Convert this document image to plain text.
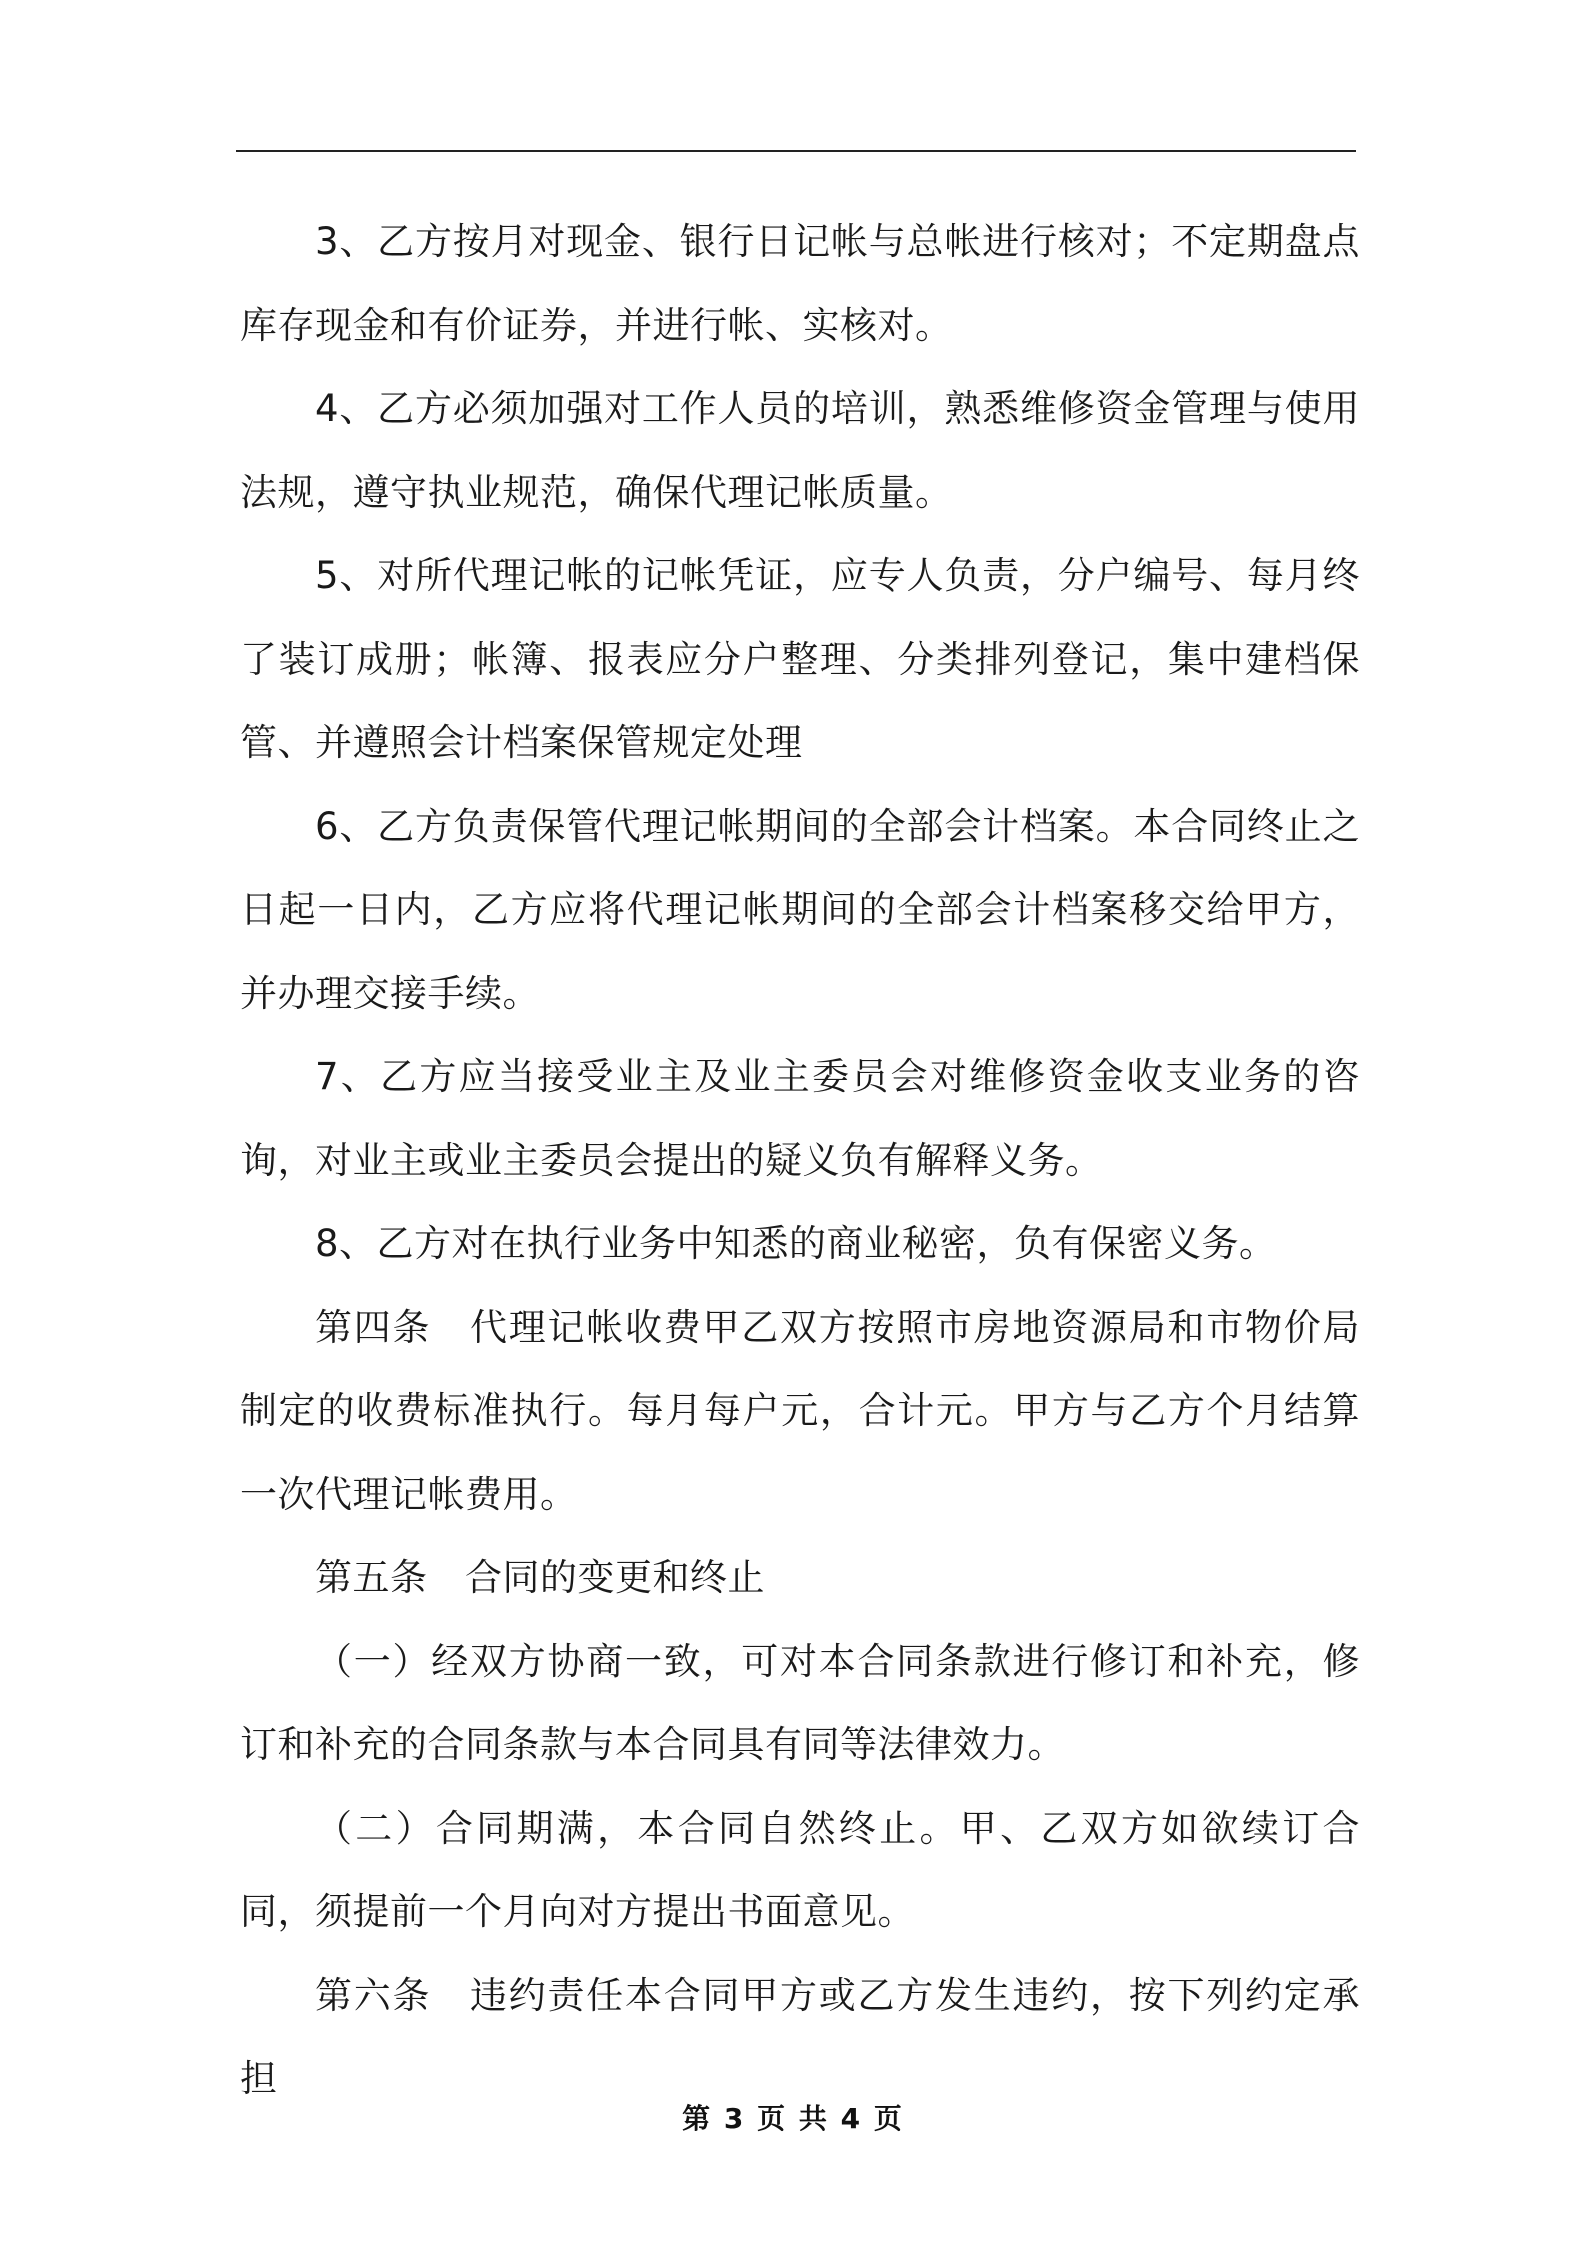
3、乙方按月对现金、银行日记帐与总帐进行核对；不定期盘点库存现金和有价证券，并进行帐、实核对。

4、乙方必须加强对工作人员的培训，熟悉维修资金管理与使用法规，遵守执业规范，确保代理记帐质量。

5、对所代理记帐的记帐凭证，应专人负责，分户编号、每月终了装订成册；帐簿、报表应分户整理、分类排列登记，集中建档保管、并遵照会计档案保管规定处理

6、乙方负责保管代理记帐期间的全部会计档案。本合同终止之日起一日内，乙方应将代理记帐期间的全部会计档案移交给甲方，并办理交接手续。

7、乙方应当接受业主及业主委员会对维修资金收支业务的咨询，对业主或业主委员会提出的疑义负有解释义务。

8、乙方对在执行业务中知悉的商业秘密，负有保密义务。

第四条　代理记帐收费甲乙双方按照市房地资源局和市物价局制定的收费标准执行。每月每户元，合计元。甲方与乙方个月结算一次代理记帐费用。

第五条　合同的变更和终止

（一）经双方协商一致，可对本合同条款进行修订和补充，修订和补充的合同条款与本合同具有同等法律效力。

（二）合同期满，本合同自然终止。甲、乙双方如欲续订合同，须提前一个月向对方提出书面意见。

第六条　违约责任本合同甲方或乙方发生违约，按下列约定承担

第 3 页 共 4 页
